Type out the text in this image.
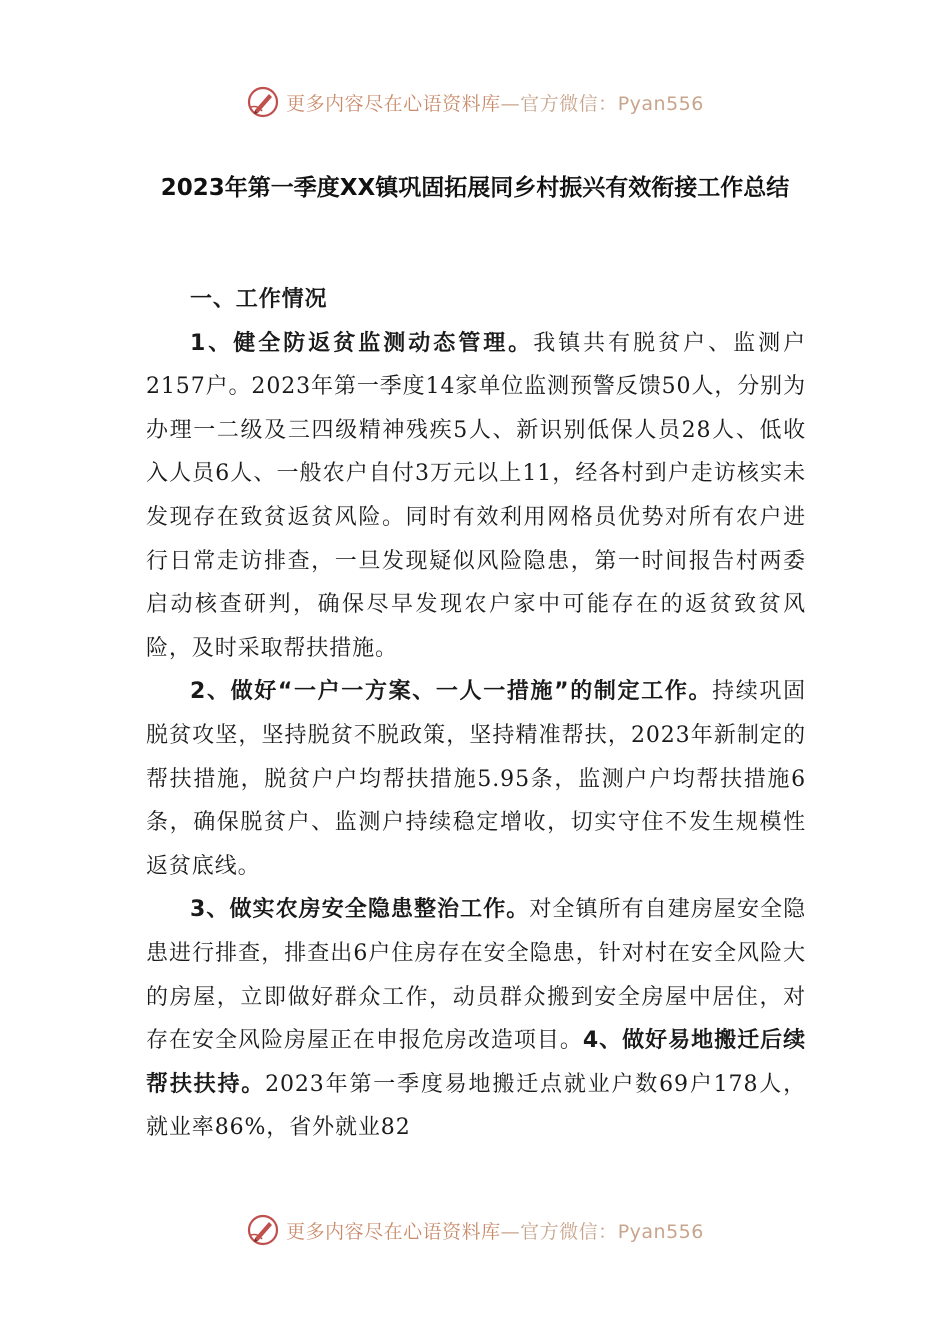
更多内容尽在心语资料库—官方微信：Pyan556
2023年第一季度XX镇巩固拓展同乡村振兴有效衔接工作总结

一、工作情况

1、健全防返贫监测动态管理。我镇共有脱贫户、监测户2157户。2023年第一季度14家单位监测预警反馈50人，分别为办理一二级及三四级精神残疾5人、新识别低保人员28人、低收入人员6人、一般农户自付3万元以上11，经各村到户走访核实未发现存在致贫返贫风险。同时有效利用网格员优势对所有农户进行日常走访排查，一旦发现疑似风险隐患，第一时间报告村两委启动核查研判，确保尽早发现农户家中可能存在的返贫致贫风险，及时采取帮扶措施。

2、做好“一户一方案、一人一措施”的制定工作。持续巩固脱贫攻坚，坚持脱贫不脱政策，坚持精准帮扶，2023年新制定的帮扶措施，脱贫户户均帮扶措施5.95条，监测户户均帮扶措施6条，确保脱贫户、监测户持续稳定增收，切实守住不发生规模性返贫底线。

3、做实农房安全隐患整治工作。对全镇所有自建房屋安全隐患进行排查，排查出6户住房存在安全隐患，针对村在安全风险大的房屋，立即做好群众工作，动员群众搬到安全房屋中居住，对存在安全风险房屋正在申报危房改造项目。4、做好易地搬迁后续帮扶扶持。2023年第一季度易地搬迁点就业户数69户178人，就业率86%，省外就业82

更多内容尽在心语资料库—官方微信：Pyan556
